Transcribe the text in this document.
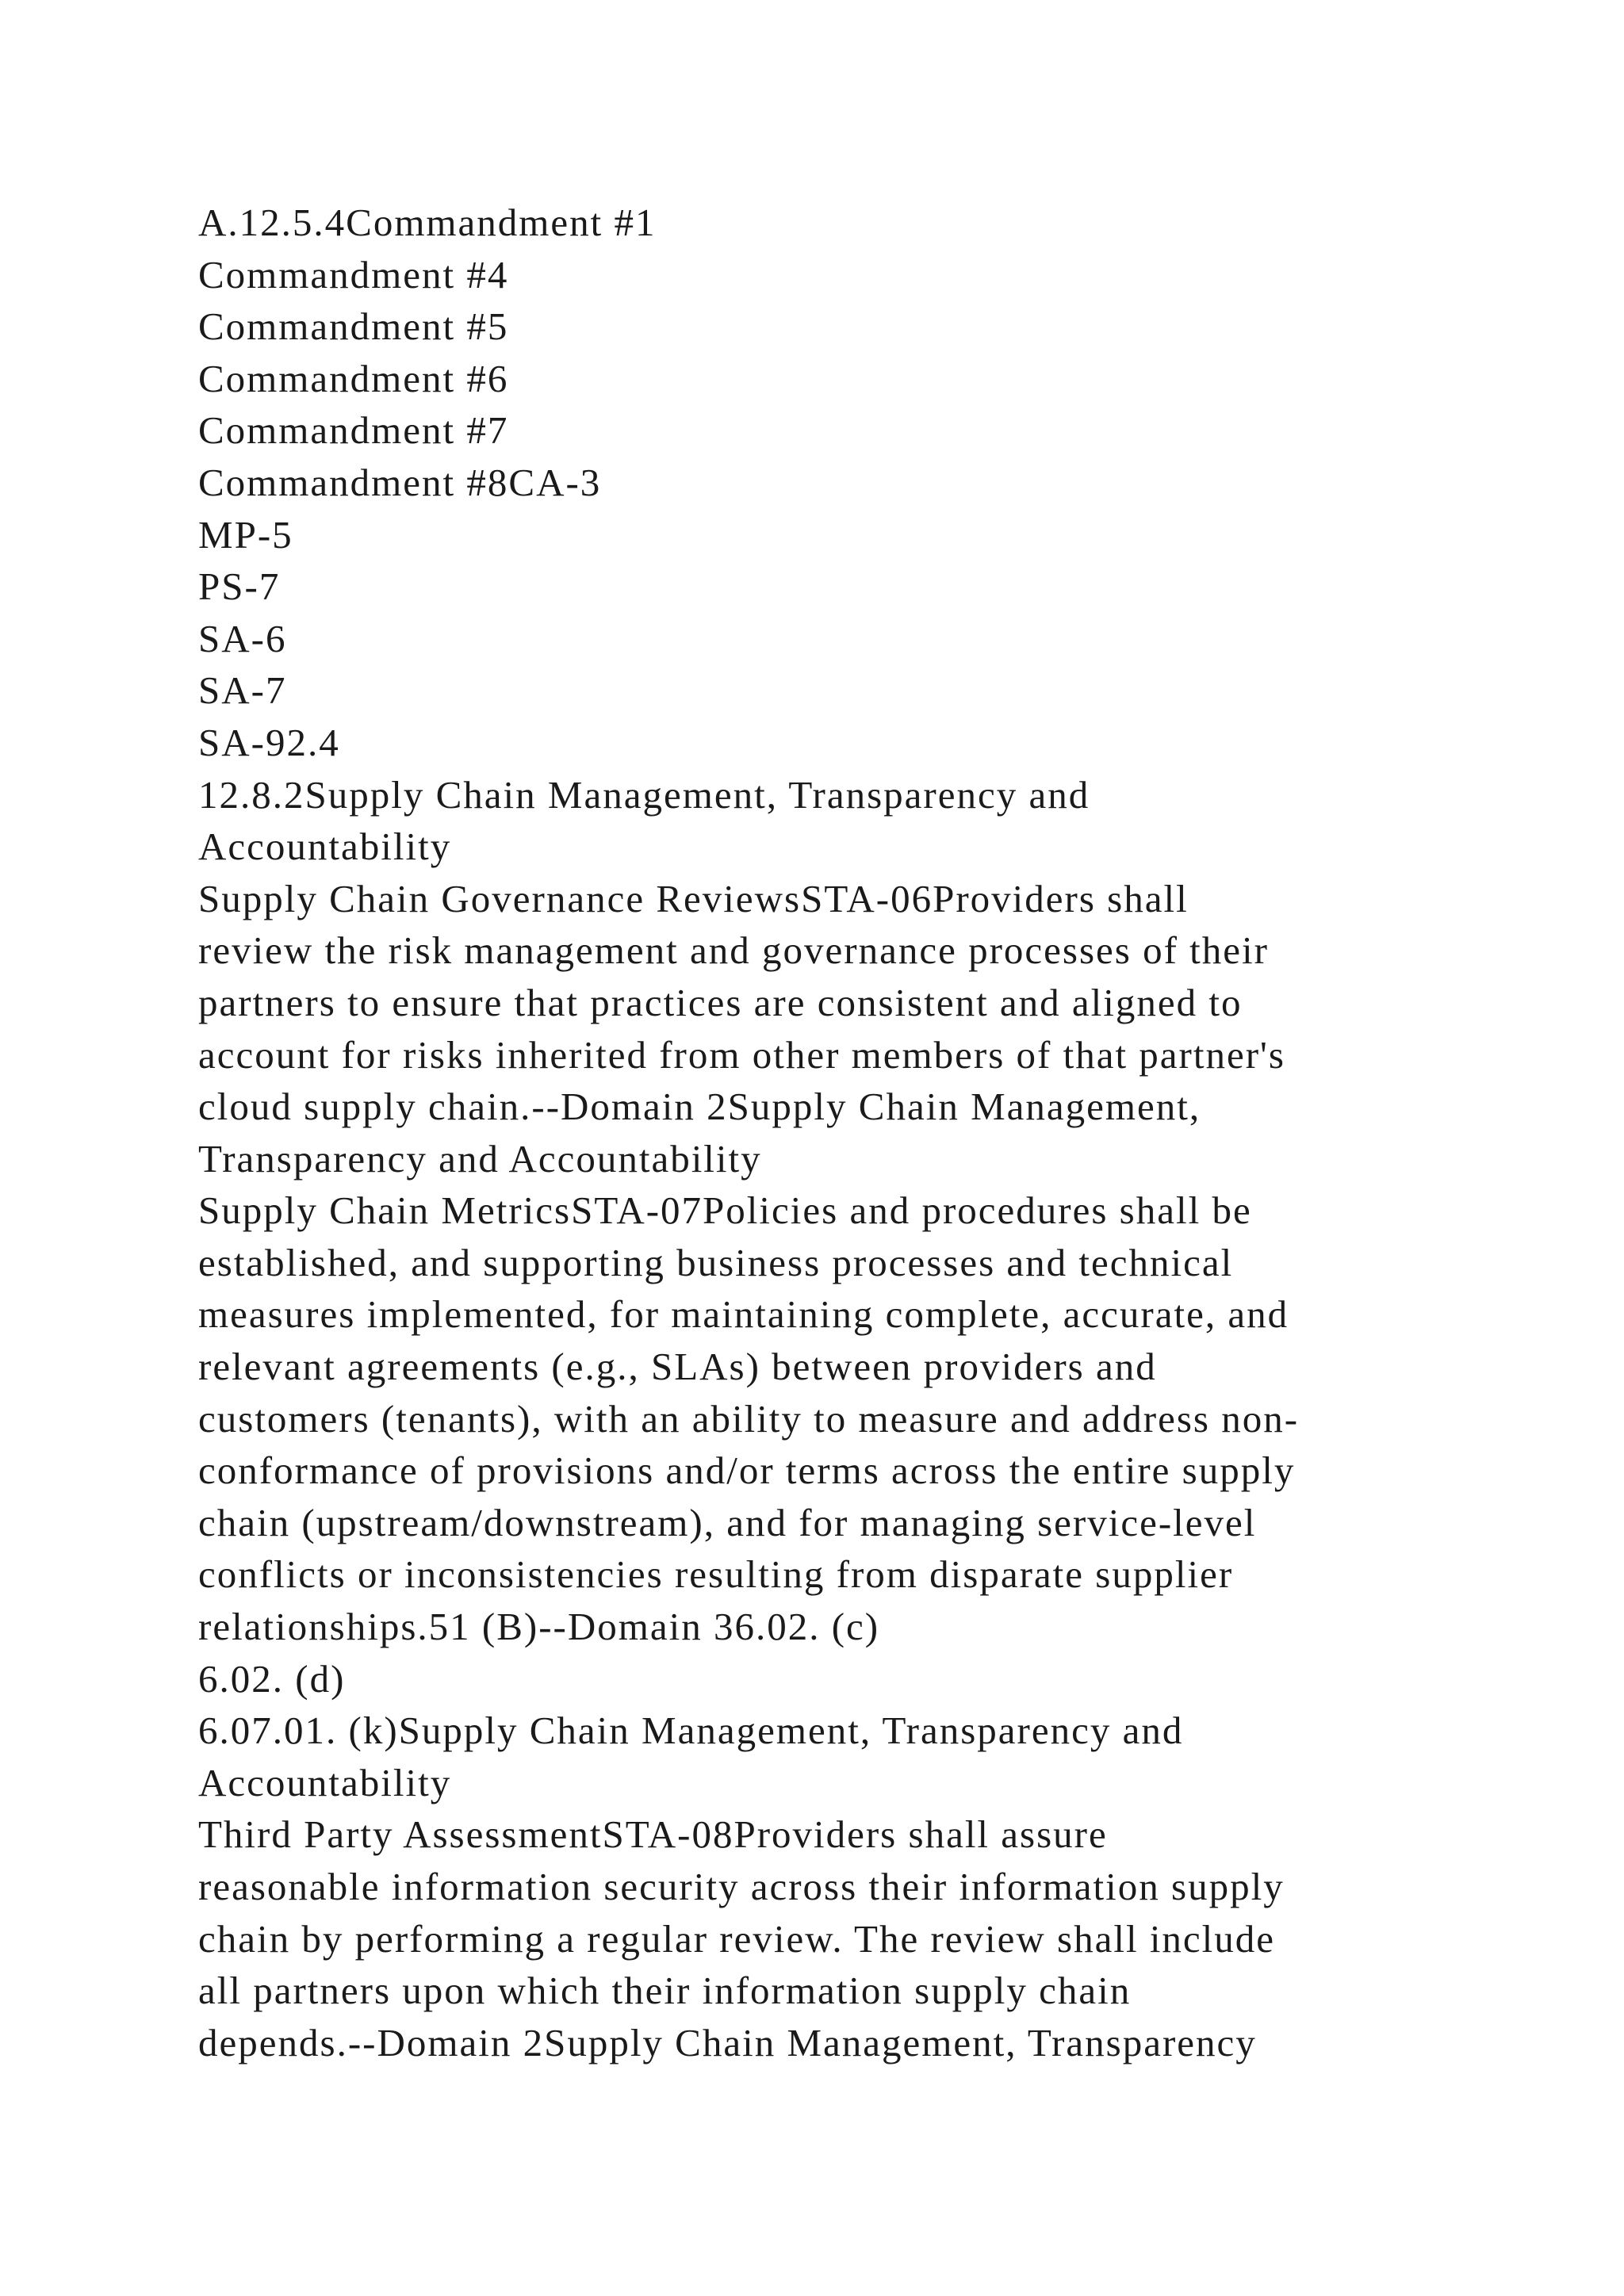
A.12.5.4Commandment #1
Commandment #4
Commandment #5
Commandment #6
Commandment #7
Commandment #8CA-3
MP-5
PS-7
SA-6
SA-7
SA-92.4
12.8.2Supply Chain Management, Transparency and
Accountability
Supply Chain Governance ReviewsSTA-06Providers shall
review the risk management and governance processes of their
partners to ensure that practices are consistent and aligned to
account for risks inherited from other members of that partner's
cloud supply chain.--Domain 2Supply Chain Management,
Transparency and Accountability
Supply Chain MetricsSTA-07Policies and procedures shall be
established, and supporting business processes and technical
measures implemented, for maintaining complete, accurate, and
relevant agreements (e.g., SLAs) between providers and
customers (tenants), with an ability to measure and address non-
conformance of provisions and/or terms across the entire supply
chain (upstream/downstream), and for managing service-level
conflicts or inconsistencies resulting from disparate supplier
relationships.51 (B)--Domain 36.02. (c)
6.02. (d)
6.07.01. (k)Supply Chain Management, Transparency and
Accountability
Third Party AssessmentSTA-08Providers shall assure
reasonable information security across their information supply
chain by performing a regular review. The review shall include
all partners upon which their information supply chain
depends.--Domain 2Supply Chain Management, Transparency
